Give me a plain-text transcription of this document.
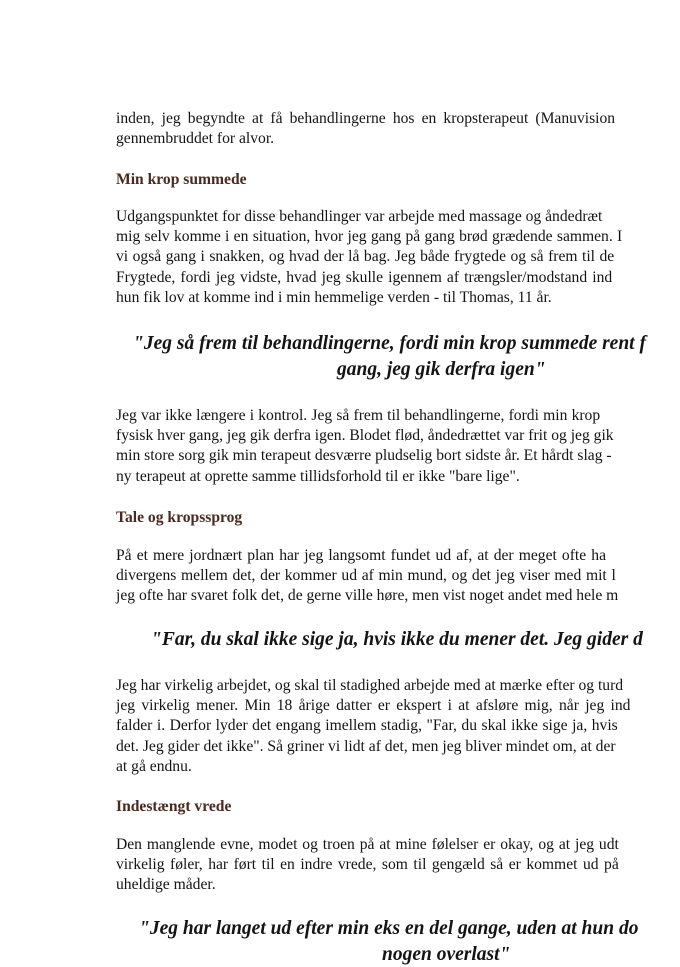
inden, jeg begyndte at få behandlingerne hos en kropsterapeut (Manuvision
gennembruddet for alvor.
Min krop summede
Udgangspunktet for disse behandlinger var arbejde med massage og åndedræt
mig selv komme i en situation, hvor jeg gang på gang brød grædende sammen. I
vi også gang i snakken, og hvad der lå bag. Jeg både frygtede og så frem til de
Frygtede, fordi jeg vidste, hvad jeg skulle igennem af trængsler/modstand ind
hun fik lov at komme ind i min hemmelige verden - til Thomas, 11 år.
"Jeg så frem til behandlingerne, fordi min krop summede rent f
gang, jeg gik derfra igen"
Jeg var ikke længere i kontrol. Jeg så frem til behandlingerne, fordi min krop
fysisk hver gang, jeg gik derfra igen. Blodet flød, åndedrættet var frit og jeg gik
min store sorg gik min terapeut desværre pludselig bort sidste år. Et hårdt slag -
ny terapeut at oprette samme tillidsforhold til er ikke "bare lige".
Tale og kropssprog
På et mere jordnært plan har jeg langsomt fundet ud af, at der meget ofte ha
divergens mellem det, der kommer ud af min mund, og det jeg viser med mit l
jeg ofte har svaret folk det, de gerne ville høre, men vist noget andet med hele m
"Far, du skal ikke sige ja, hvis ikke du mener det. Jeg gider d
Jeg har virkelig arbejdet, og skal til stadighed arbejde med at mærke efter og turd
jeg virkelig mener. Min 18 årige datter er ekspert i at afsløre mig, når jeg ind
falder i. Derfor lyder det engang imellem stadig, "Far, du skal ikke sige ja, hvis
det. Jeg gider det ikke". Så griner vi lidt af det, men jeg bliver mindet om, at der
at gå endnu.
Indestængt vrede
Den manglende evne, modet og troen på at mine følelser er okay, og at jeg udt
virkelig føler, har ført til en indre vrede, som til gengæld så er kommet ud på
uheldige måder.
"Jeg har langet ud efter min eks en del gange, uden at hun do
nogen overlast"
